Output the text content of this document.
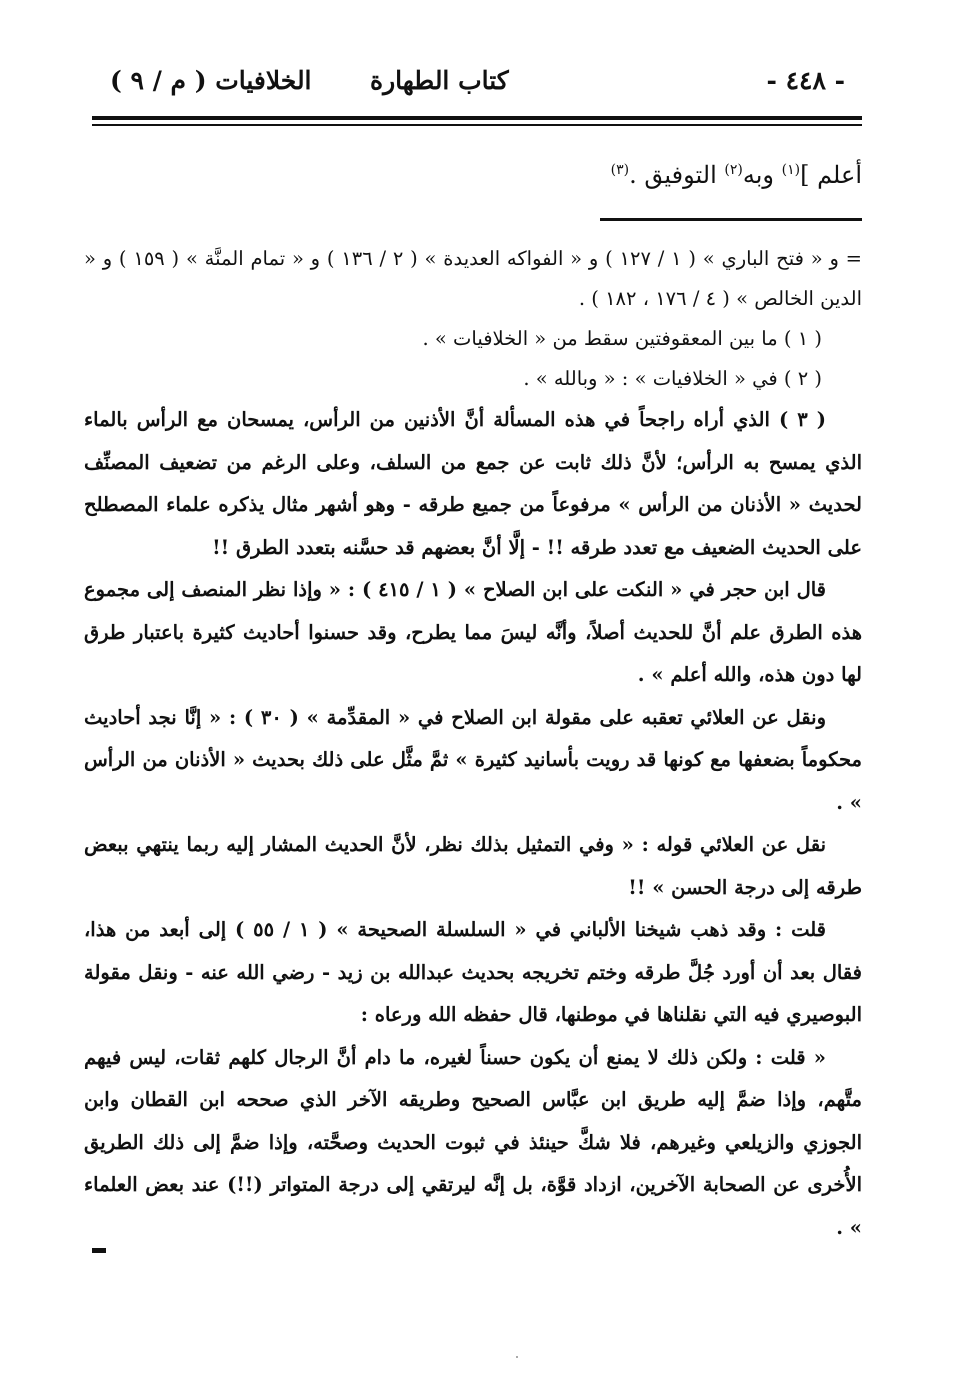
- ٤٤٨ -
كتاب الطهارة
الخلافيات ( م / ٩ )
أعلم ]$^{(١)}$ وبه$^{(٢)}$ التوفيق .$^{(٣)}$
= و « فتح الباري » ( ١ / ١٢٧ ) و « الفواكه العديدة » ( ٢ / ١٣٦ ) و « تمام المنَّة » ( ١٥٩ ) و « الدين الخالص » ( ٤ / ١٧٦ ، ١٨٢ ) .
( ١ ) ما بين المعقوفتين سقط من « الخلافيات » .
( ٢ ) في « الخلافيات » : « وبالله » .

( ٣ ) الذي أراه راجحاً في هذه المسألة أنَّ الأذنين من الرأس، يمسحان مع الرأس بالماء الذي يمسح به الرأس؛ لأنَّ ذلك ثابت عن جمع من السلف، وعلى الرغم من تضعيف المصنِّف لحديث « الأذنان من الرأس » مرفوعاً من جميع طرقه - وهو أشهر مثال يذكره علماء المصطلح على الحديث الضعيف مع تعدد طرقه !! - إلَّا أنَّ بعضهم قد حسَّنه بتعدد الطرق !!

قال ابن حجر في « النكت على ابن الصلاح » ( ١ / ٤١٥ ) : « وإذا نظر المنصف إلى مجموع هذه الطرق علم أنَّ للحديث أصلاً، وأنَّه ليسَ مما يطرح، وقد حسنوا أحاديث كثيرة باعتبار طرق لها دون هذه، والله أعلم » .

ونقل عن العلائي تعقبه على مقولة ابن الصلاح في « المقدِّمة » ( ٣٠ ) : « إنَّا نجد أحاديث محكوماً بضعفها مع كونها قد رويت بأسانيد كثيرة » ثمَّ مثَّل على ذلك بحديث « الأذنان من الرأس » .

نقل عن العلائي قوله : « وفي التمثيل بذلك نظر، لأنَّ الحديث المشار إليه ربما ينتهي ببعض طرقه إلى درجة الحسن » !!

قلت : وقد ذهب شيخنا الألباني في « السلسلة الصحيحة » ( ١ / ٥٥ ) إلى أبعد من هذا، فقال بعد أن أورد جُلَّ طرقه وختم تخريجه بحديث عبدالله بن زيد - رضي الله عنه - ونقل مقولة البوصيري فيه التي نقلناها في موطنها، قال حفظه الله ورعاه :

« قلت : ولكن ذلك لا يمنع أن يكون حسناً لغيره، ما دام أنَّ الرجال كلهم ثقات، ليس فيهم متَّهم، وإذا ضمَّ إليه طريق ابن عبَّاس الصحيح وطريقه الآخر الذي صححه ابن القطان وابن الجوزي والزيلعي وغيرهم، فلا شكَّ حينئذ في ثبوت الحديث وصحَّته، وإذا ضمَّ إلى ذلك الطريق الأُخرى عن الصحابة الآخرين، ازداد قوَّة، بل إنَّه ليرتقي إلى درجة المتواتر (!!) عند بعض العلماء » .
